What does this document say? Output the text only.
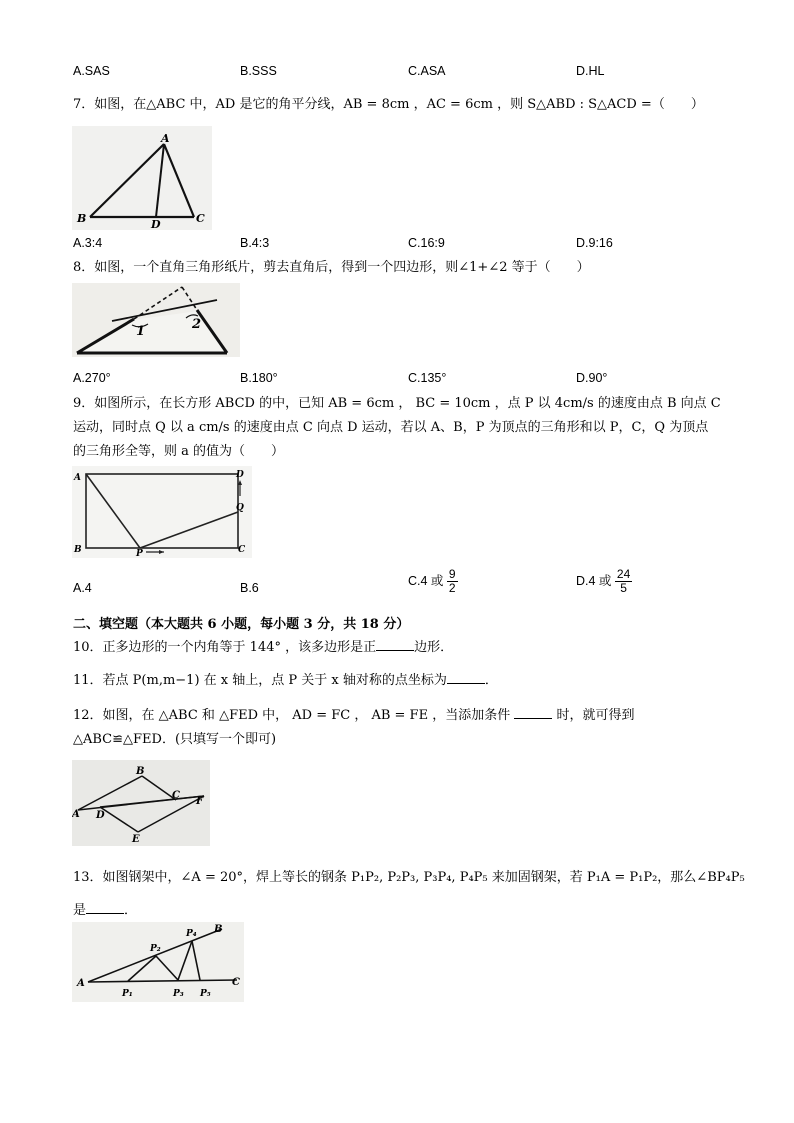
A.SAS	B.SSS	C.ASA	D.HL
7．如图，在△ABC 中，AD 是它的角平分线，AB = 8cm ，AC = 6cm ，则 S△ABD : S△ACD =（　　）
A
B	D	C
A.3:4	B.4:3	C.16:9	D.9:16
8．如图，一个直角三角形纸片，剪去直角后，得到一个四边形，则∠1+∠2 等于（　　）
1	2
A.270°	B.180°	C.135°	D.90°
9．如图所示，在长方形 ABCD 的中，已知 AB = 6cm ， BC = 10cm ，点 P 以 4cm/s 的速度由点 B 向点 C
运动，同时点 Q 以 a cm/s 的速度由点 C 向点 D 运动，若以 A、B，P 为顶点的三角形和以 P，C，Q 为顶点
的三角形全等，则 a 的值为（　　）
A
B	P	C
D
Q
A.4	B.6
C.4 或 $\frac{9}{2}$	D.4 或 $\frac{24}{5}$
二、填空题（本大题共 6 小题，每小题 3 分，共 18 分）
10．正多边形的一个内角等于 144° ，该多边形是正	边形．
11．若点 P(m,m−1) 在 x 轴上，点 P 关于 x 轴对称的点坐标为	．
12．如图，在 △ABC 和 △FED 中， AD = FC ， AB = FE ，当添加条件	时，就可得到
△ABC≌△FED．(只填写一个即可)
B
A D
C
F
E
13．如图钢架中，∠A = 20°，焊上等长的钢条 P₁P₂, P₂P₃, P₃P₄, P₄P₅ 来加固钢架，若 P₁A = P₁P₂，那么∠BP₄P₅
是	．
A
P₁
P₂
P₃
P₄
P₅
B
C
